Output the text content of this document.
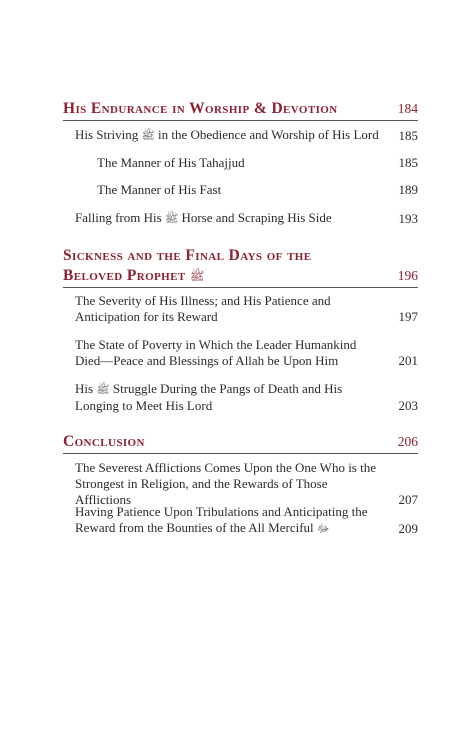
His Endurance in Worship & Devotion	184
His Striving ﷺ in the Obedience and Worship of His Lord 185
The Manner of His Tahajjud	185
The Manner of His Fast	189
Falling from His ﷺ Horse and Scraping His Side	193
Sickness and the Final Days of the
Beloved Prophet ﷺ	196
The Severity of His Illness; and His Patience and
Anticipation for its Reward	197
The State of Poverty in Which the Leader Humankind
Died—Peace and Blessings of Allah be Upon Him	201
His ﷺ Struggle During the Pangs of Death and His
Longing to Meet His Lord	203
Conclusion	206
The Severest Afflictions Comes Upon the One Who is the
Strongest in Religion, and the Rewards of Those Afflictions	207
Having Patience Upon Tribulations and Anticipating the
Reward from the Bounties of the All Merciful ﷻ	209
